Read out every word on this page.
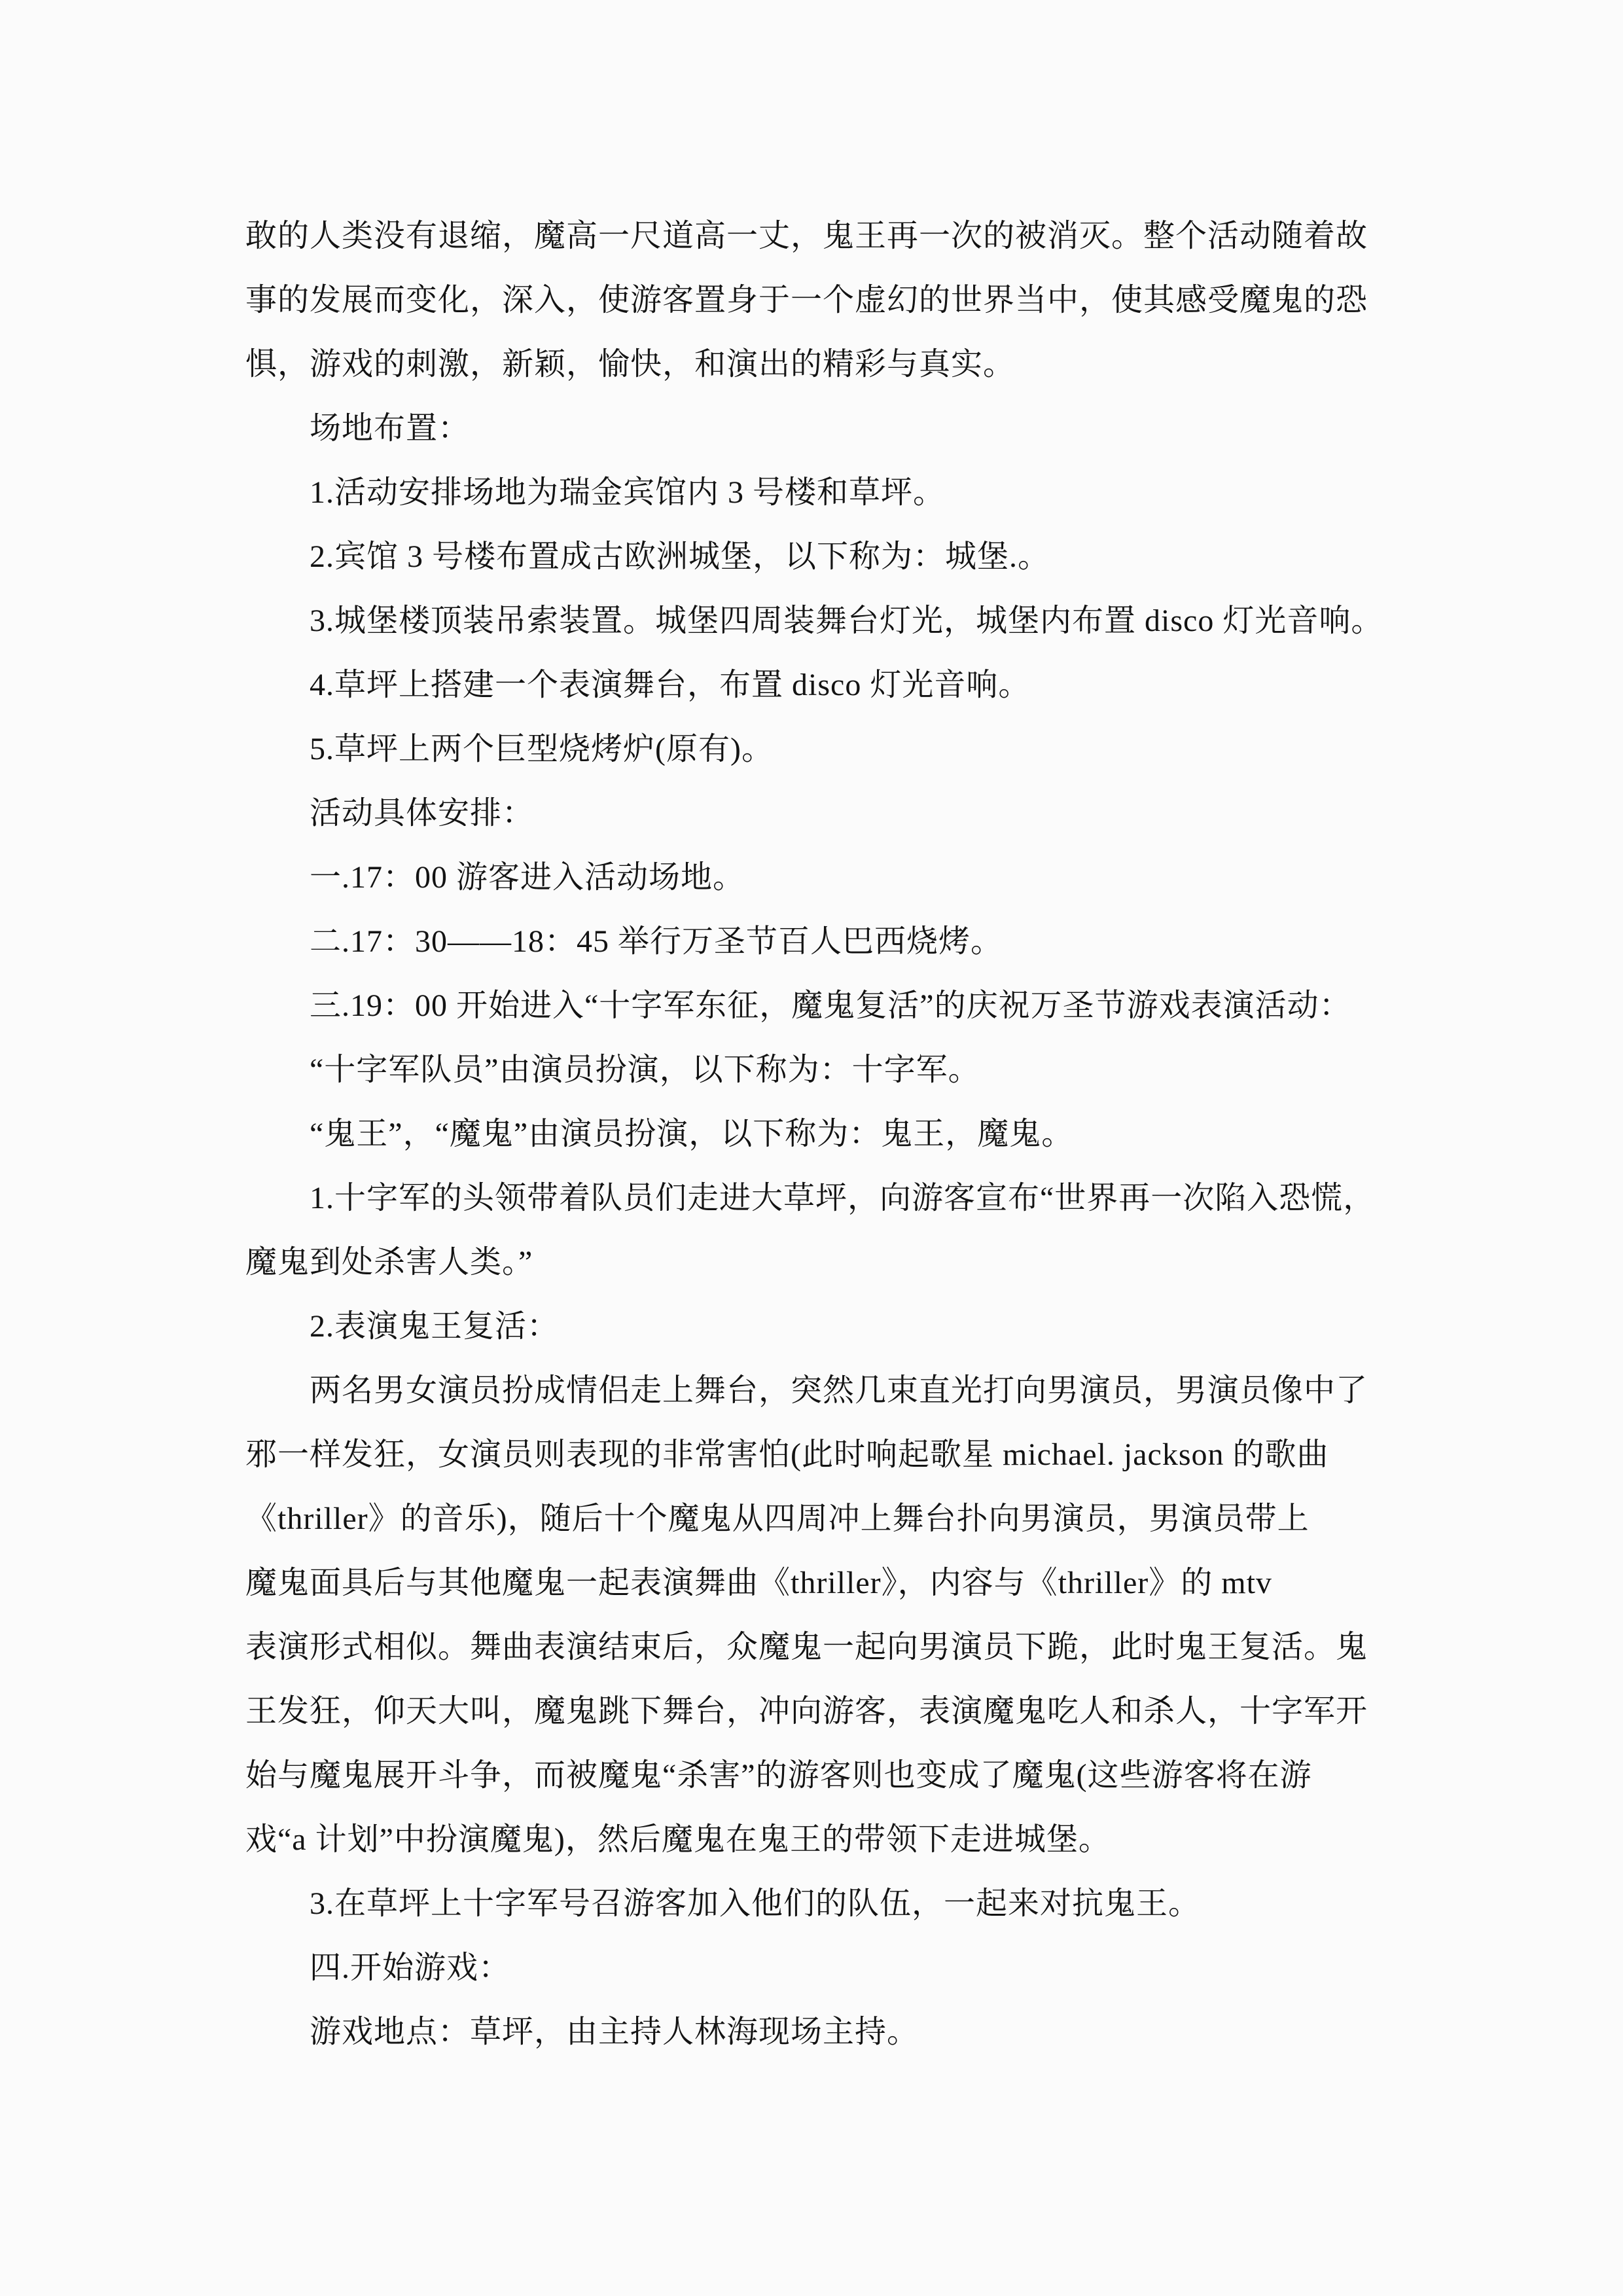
敢的人类没有退缩，魔高一尺道高一丈，鬼王再一次的被消灭。整个活动随着故

事的发展而变化，深入，使游客置身于一个虚幻的世界当中，使其感受魔鬼的恐

惧，游戏的刺激，新颖，愉快，和演出的精彩与真实。

　　场地布置：

　　1.活动安排场地为瑞金宾馆内 3 号楼和草坪。

　　2.宾馆 3 号楼布置成古欧洲城堡，以下称为：城堡.。

　　3.城堡楼顶装吊索装置。城堡四周装舞台灯光，城堡内布置 disco 灯光音响。

　　4.草坪上搭建一个表演舞台，布置 disco 灯光音响。

　　5.草坪上两个巨型烧烤炉(原有)。

　　活动具体安排：

　　一.17：00 游客进入活动场地。

　　二.17：30——18：45 举行万圣节百人巴西烧烤。

　　三.19：00 开始进入“十字军东征，魔鬼复活”的庆祝万圣节游戏表演活动：

　　“十字军队员”由演员扮演，以下称为：十字军。

　　“鬼王”，“魔鬼”由演员扮演，以下称为：鬼王，魔鬼。

　　1.十字军的头领带着队员们走进大草坪，向游客宣布“世界再一次陷入恐慌，

魔鬼到处杀害人类。”

　　2.表演鬼王复活：

　　两名男女演员扮成情侣走上舞台，突然几束直光打向男演员，男演员像中了

邪一样发狂，女演员则表现的非常害怕(此时响起歌星 michael. jackson 的歌曲

《thriller》的音乐)，随后十个魔鬼从四周冲上舞台扑向男演员，男演员带上

魔鬼面具后与其他魔鬼一起表演舞曲《thriller》，内容与《thriller》的 mtv

表演形式相似。舞曲表演结束后，众魔鬼一起向男演员下跪，此时鬼王复活。鬼

王发狂，仰天大叫，魔鬼跳下舞台，冲向游客，表演魔鬼吃人和杀人，十字军开

始与魔鬼展开斗争，而被魔鬼“杀害”的游客则也变成了魔鬼(这些游客将在游

戏“a 计划”中扮演魔鬼)，然后魔鬼在鬼王的带领下走进城堡。

　　3.在草坪上十字军号召游客加入他们的队伍，一起来对抗鬼王。

　　四.开始游戏：

　　游戏地点：草坪，由主持人林海现场主持。
